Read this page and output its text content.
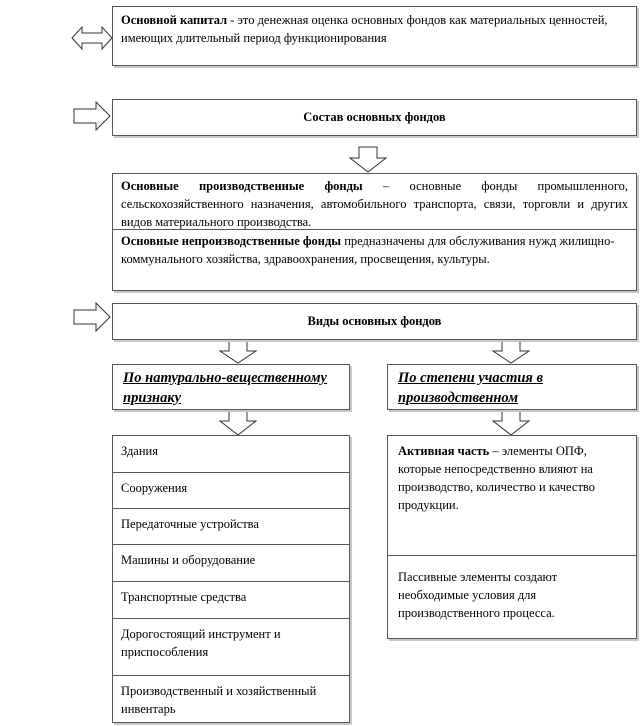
Основной капитал - это денежная оценка основных фондов как материальных ценностей, имеющих длительный период функционирования
Состав основных фондов
Основные производственные фонды – основные фонды промышленного, сельскохозяйственного назначения, автомобильного транспорта, связи, торговли и других видов материального производства.
Основные непроизводственные фонды предназначены для обслуживания нужд жилищно-коммунального хозяйства, здравоохранения, просвещения, культуры.
Виды основных фондов
По натурально-вещественному признаку
По степени участия в производственном
Здания
Сооружения
Передаточные устройства
Машины и оборудование
Транспортные средства
Дорогостоящий инструмент и приспособления
Производственный и хозяйственный инвентарь
Активная часть – элементы ОПФ, которые непосредственно влияют на производство, количество и качество продукции.
Пассивные элементы создают необходимые условия для производственного процесса.
